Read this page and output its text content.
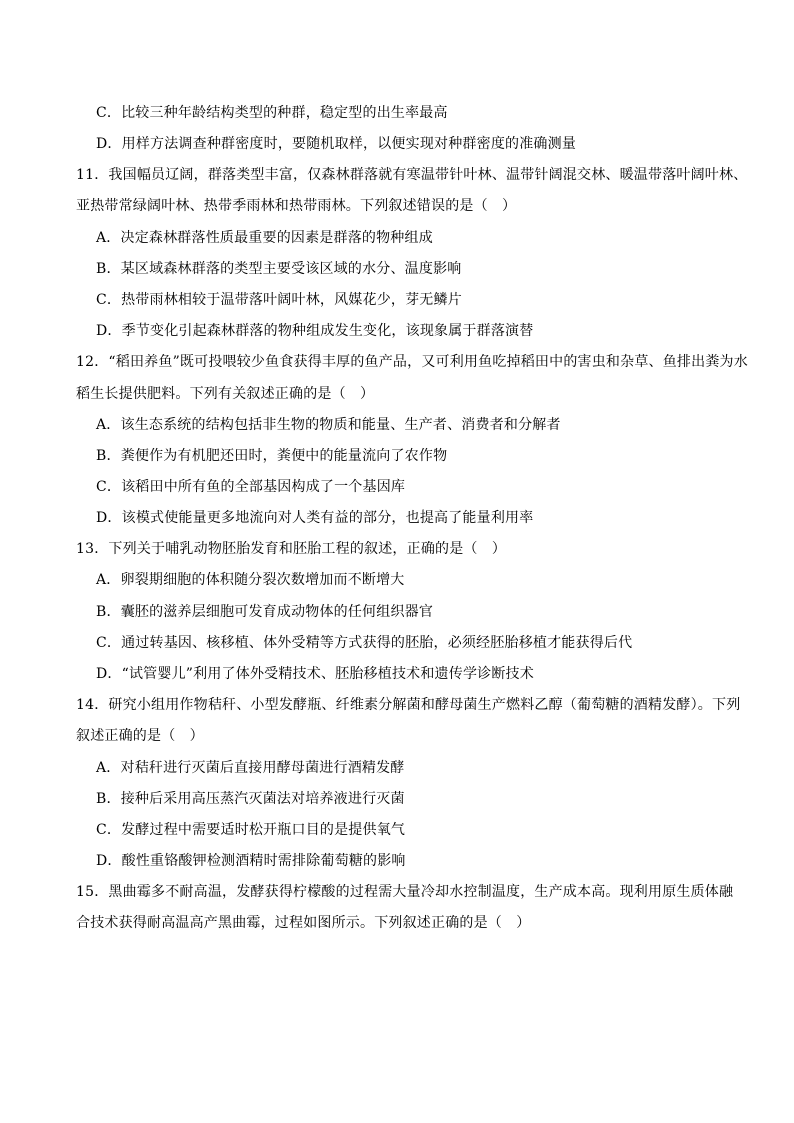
C．比较三种年龄结构类型的种群，稳定型的出生率最高
D．用样方法调查种群密度时，要随机取样，以便实现对种群密度的准确测量
11．我国幅员辽阔，群落类型丰富，仅森林群落就有寒温带针叶林、温带针阔混交林、暖温带落叶阔叶林、
亚热带常绿阔叶林、热带季雨林和热带雨林。下列叙述错误的是（　）
A．决定森林群落性质最重要的因素是群落的物种组成
B．某区域森林群落的类型主要受该区域的水分、温度影响
C．热带雨林相较于温带落叶阔叶林，风媒花少，芽无鳞片
D．季节变化引起森林群落的物种组成发生变化，该现象属于群落演替
12．“稻田养鱼”既可投喂较少鱼食获得丰厚的鱼产品，又可利用鱼吃掉稻田中的害虫和杂草、鱼排出粪为水
稻生长提供肥料。下列有关叙述正确的是（　）
A．该生态系统的结构包括非生物的物质和能量、生产者、消费者和分解者
B．粪便作为有机肥还田时，粪便中的能量流向了农作物
C．该稻田中所有鱼的全部基因构成了一个基因库
D．该模式使能量更多地流向对人类有益的部分，也提高了能量利用率
13．下列关于哺乳动物胚胎发育和胚胎工程的叙述，正确的是（　）
A．卵裂期细胞的体积随分裂次数增加而不断增大
B．囊胚的滋养层细胞可发育成动物体的任何组织器官
C．通过转基因、核移植、体外受精等方式获得的胚胎，必须经胚胎移植才能获得后代
D．“试管婴儿”利用了体外受精技术、胚胎移植技术和遗传学诊断技术
14．研究小组用作物秸秆、小型发酵瓶、纤维素分解菌和酵母菌生产燃料乙醇（葡萄糖的酒精发酵）。下列
叙述正确的是（　）
A．对秸秆进行灭菌后直接用酵母菌进行酒精发酵
B．接种后采用高压蒸汽灭菌法对培养液进行灭菌
C．发酵过程中需要适时松开瓶口目的是提供氧气
D．酸性重铬酸钾检测酒精时需排除葡萄糖的影响
15．黑曲霉多不耐高温，发酵获得柠檬酸的过程需大量冷却水控制温度，生产成本高。现利用原生质体融
合技术获得耐高温高产黑曲霉，过程如图所示。下列叙述正确的是（　）
